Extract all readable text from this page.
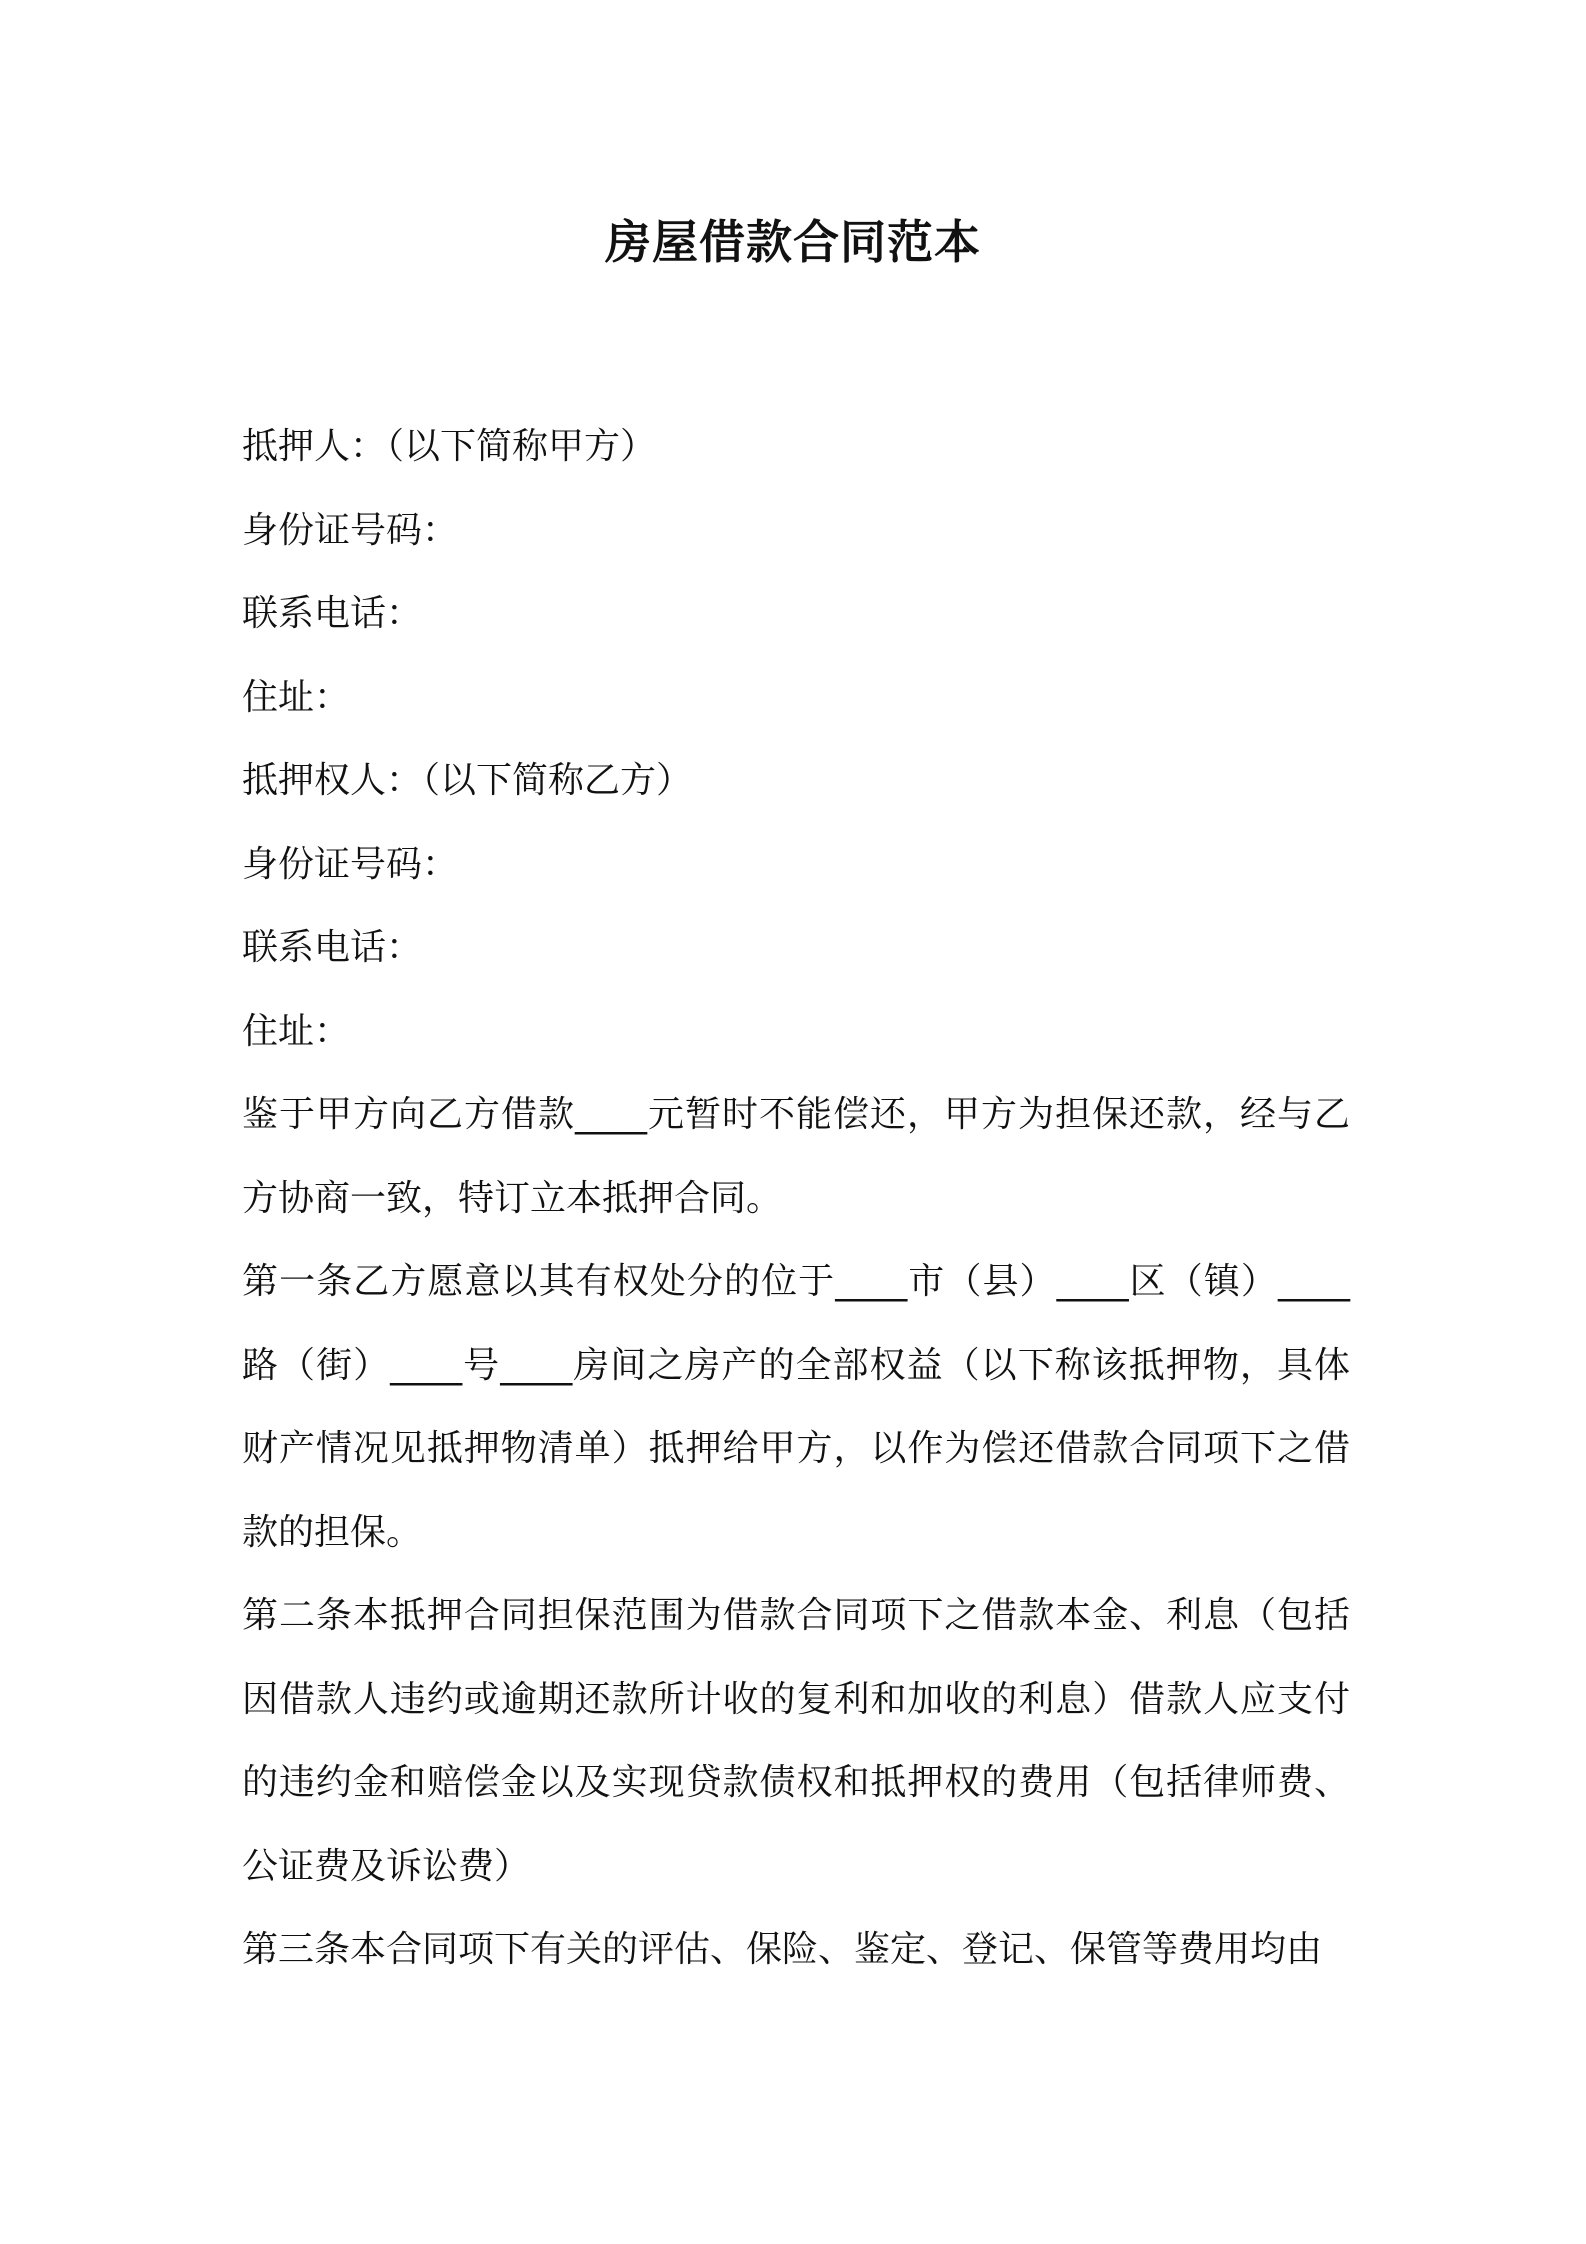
房屋借款合同范本
抵押人：（以下简称甲方）
身份证号码：
联系电话：
住址：
抵押权人：（以下简称乙方）
身份证号码：
联系电话：
住址：
鉴于甲方向乙方借款____元暂时不能偿还，甲方为担保还款，经与乙方协商一致，特订立本抵押合同。
第一条乙方愿意以其有权处分的位于____市（县）____区（镇）____路（街）____号____房间之房产的全部权益（以下称该抵押物，具体财产情况见抵押物清单）抵押给甲方，以作为偿还借款合同项下之借款的担保。
第二条本抵押合同担保范围为借款合同项下之借款本金、利息（包括因借款人违约或逾期还款所计收的复利和加收的利息）借款人应支付的违约金和赔偿金以及实现贷款债权和抵押权的费用（包括律师费、公证费及诉讼费）
第三条本合同项下有关的评估、保险、鉴定、登记、保管等费用均由
